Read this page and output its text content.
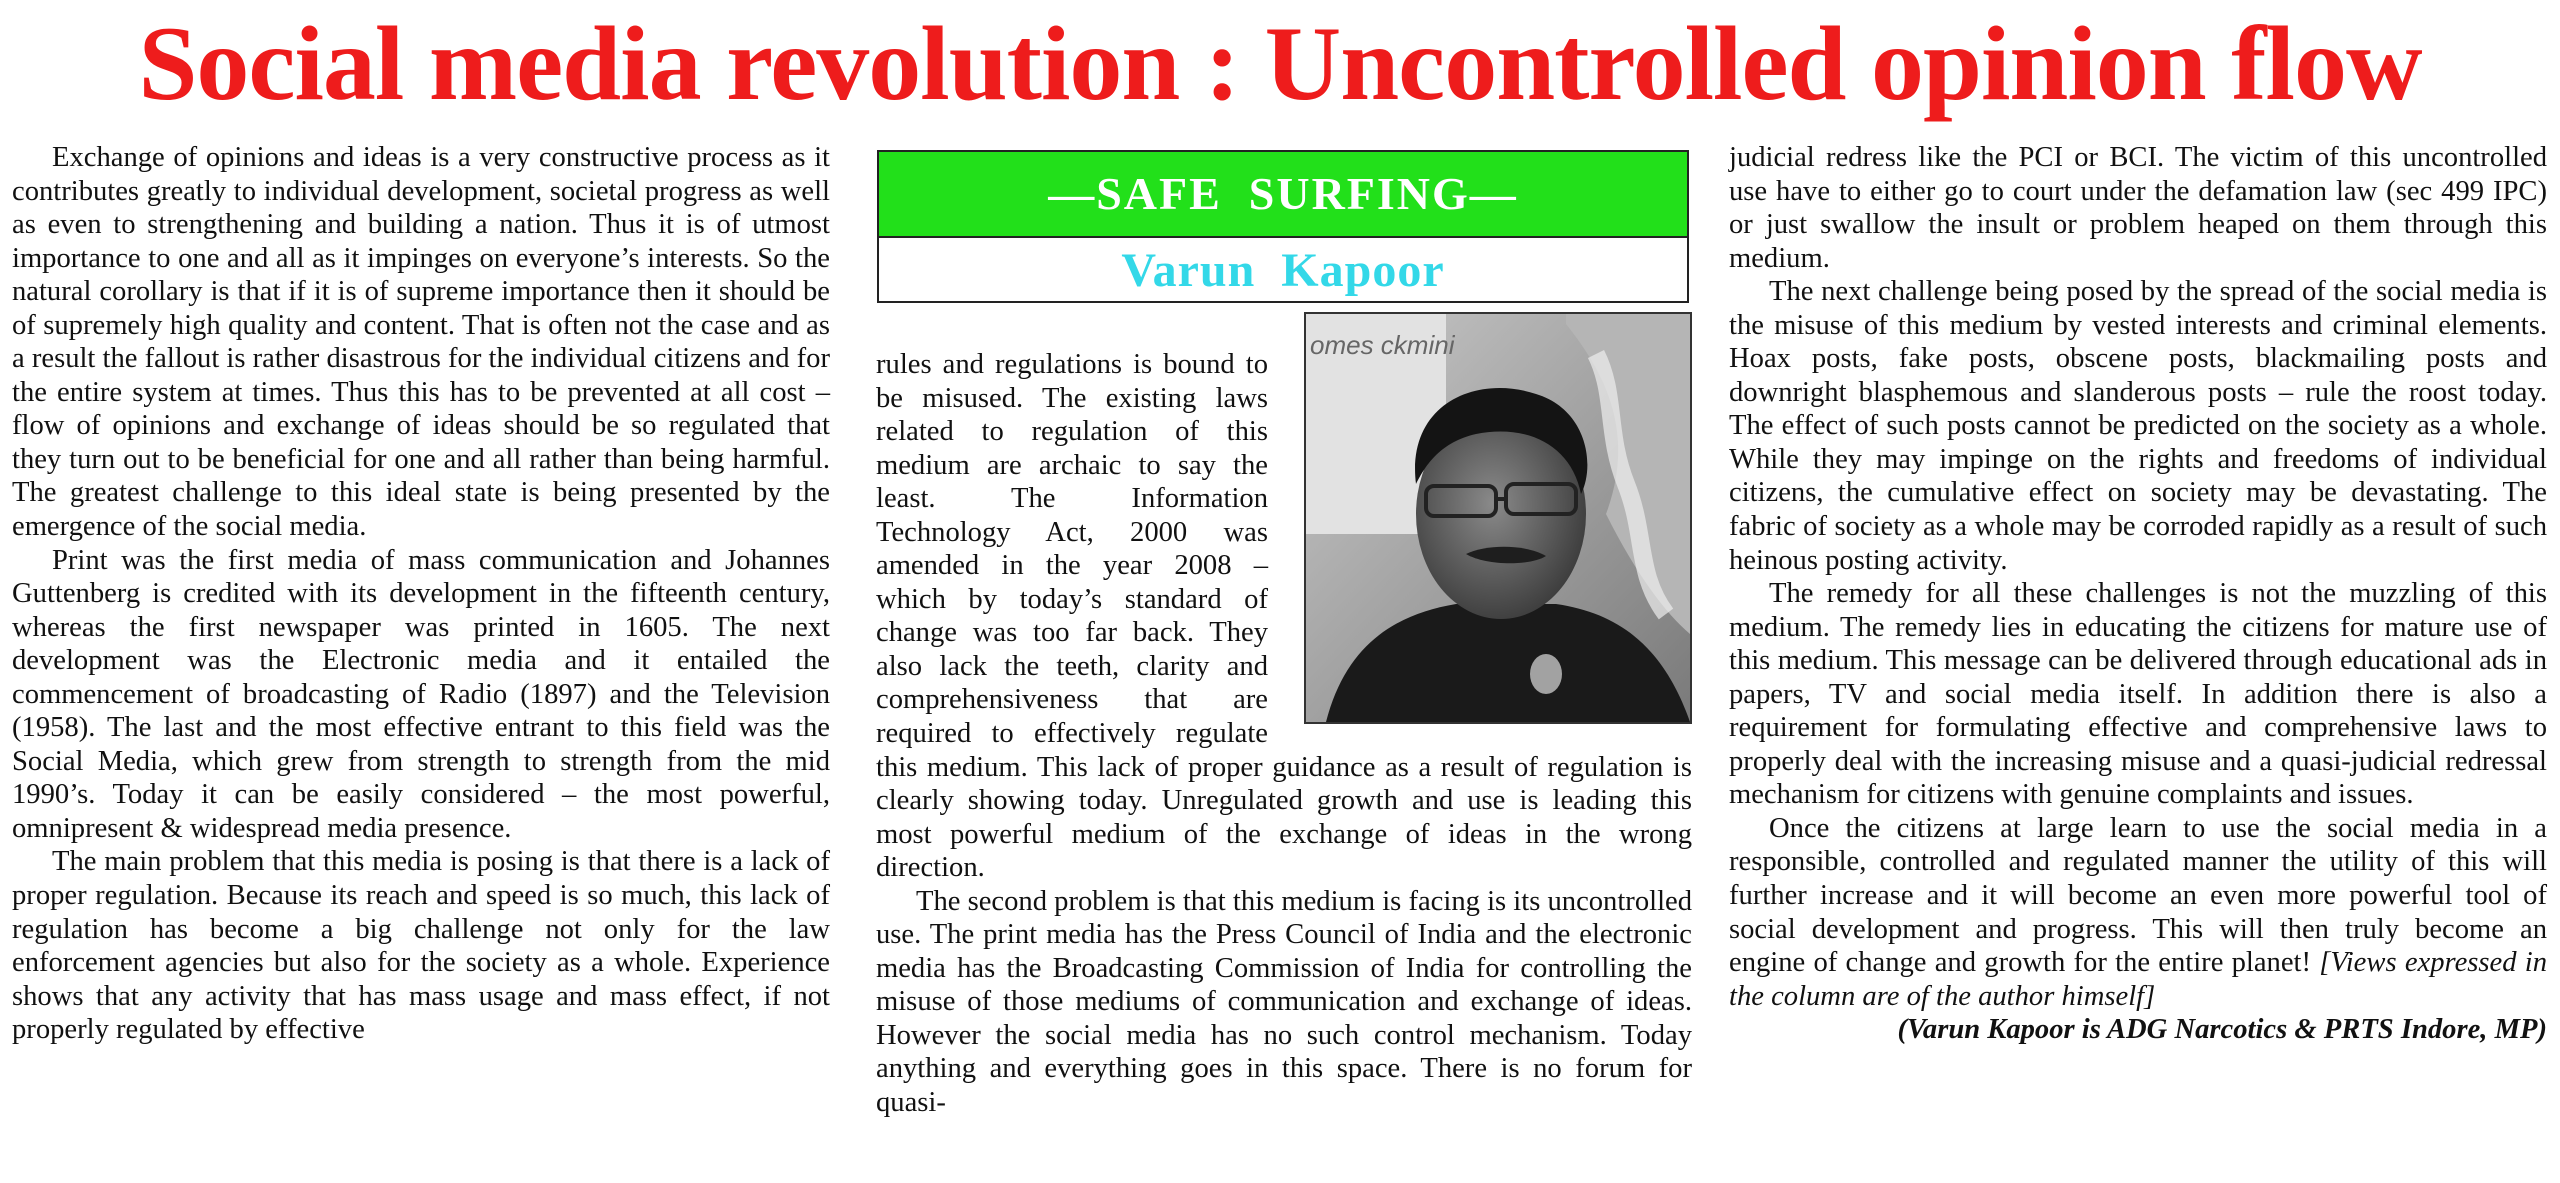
Social media revolution : Uncontrolled opinion flow

Exchange of opinions and ideas is a very constructive process as it contributes greatly to individual development, societal progress as well as even to strengthening and building a nation. Thus it is of utmost importance to one and all as it impinges on everyone’s interests. So the natural corollary is that if it is of supreme importance then it should be of supremely high quality and content. That is often not the case and as a result the fallout is rather disastrous for the individual citizens and for the entire system at times. Thus this has to be prevented at all cost – flow of opinions and exchange of ideas should be so regulated that they turn out to be beneficial for one and all rather than being harmful. The greatest challenge to this ideal state is being presented by the emergence of the social media.

Print was the first media of mass communication and Johannes Guttenberg is credited with its development in the fifteenth century, whereas the first newspaper was printed in 1605. The next development was the Electronic media and it entailed the commencement of broadcasting of Radio (1897) and the Television (1958). The last and the most effective entrant to this field was the Social Media, which grew from strength to strength from the mid 1990’s. Today it can be easily considered – the most powerful, omnipresent & widespread media presence.

The main problem that this media is posing is that there is a lack of proper regulation. Because its reach and speed is so much, this lack of regulation has become a big challenge not only for the law enforcement agencies but also for the society as a whole. Experience shows that any activity that has mass usage and mass effect, if not properly regulated by effective

—SAFE  SURFING—
Varun  Kapoor
omes ckmini

rules and regulations is bound to be misused. The existing laws related to regulation of this medium are archaic to say the least. The Information Technology Act, 2000 was amended in the year 2008 – which by today’s standard of change was too far back. They also lack the teeth, clarity and comprehensiveness that are required to effectively regulate this medium. This lack of proper guidance as a result of regulation is clearly showing today. Unregulated growth and use is leading this most powerful medium of the exchange of ideas in the wrong direction.

The second problem is that this medium is facing is its uncontrolled use. The print media has the Press Council of India and the electronic media has the Broadcasting Commission of India for controlling the misuse of those mediums of communication and exchange of ideas. However the social media has no such control mechanism. Today anything and everything goes in this space. There is no forum for quasi-

judicial redress like the PCI or BCI. The victim of this uncontrolled use have to either go to court under the defamation law (sec 499 IPC) or just swallow the insult or problem heaped on them through this medium.

The next challenge being posed by the spread of the social media is the misuse of this medium by vested interests and criminal elements. Hoax posts, fake posts, obscene posts, blackmailing posts and downright blasphemous and slanderous posts – rule the roost today. The effect of such posts cannot be predicted on the society as a whole. While they may impinge on the rights and freedoms of individual citizens, the cumulative effect on society may be devastating. The fabric of society as a whole may be corroded rapidly as a result of such heinous posting activity.

The remedy for all these challenges is not the muzzling of this medium. The remedy lies in educating the citizens for mature use of this medium. This message can be delivered through educational ads in papers, TV and social media itself. In addition there is also a requirement for formulating effective and comprehensive laws to properly deal with the increasing misuse and a quasi-judicial redressal mechanism for citizens with genuine complaints and issues.

Once the citizens at large learn to use the social media in a responsible, controlled and regulated manner the utility of this will further increase and it will become an even more powerful tool of social development and progress. This will then truly become an engine of change and growth for the entire planet! [Views expressed in the column are of the author himself]

(Varun Kapoor is ADG Narcotics & PRTS Indore, MP)
